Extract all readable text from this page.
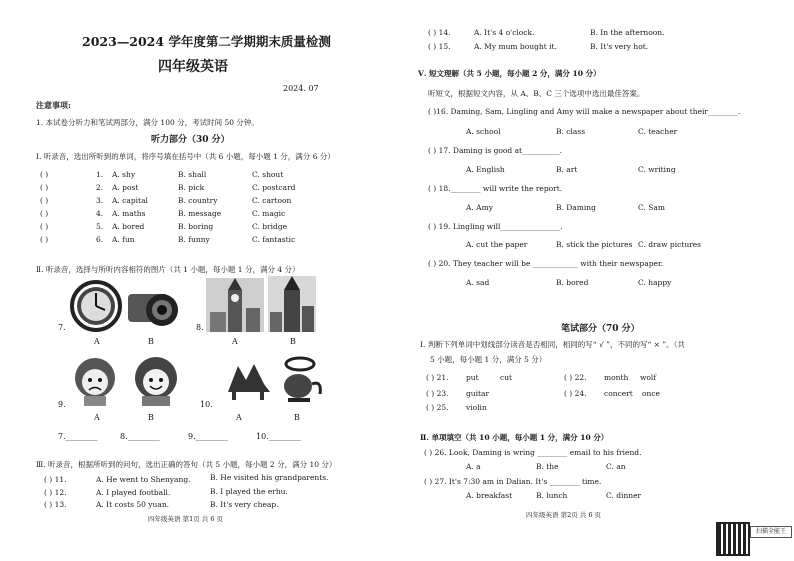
2023—2024 学年度第二学期期末质量检测
四年级英语
2024. 07
注意事项:
1. 本试卷分听力和笔试两部分，满分 100 分，考试时间 50 分钟。
听力部分（30 分）
Ⅰ. 听录音，选出所听到的单词，将序号填在括号中（共 6 小题，每小题 1 分，满分 6 分）
( )	1. A. shy	B. shall	C. shout
( )	2. A. post	B. pick	C. postcard
( )	3. A. capital	B. country	C. cartoon
( )	4. A. maths	B. message	C. magic
( )	5. A. bored	B. boring	C. bridge
( )	6. A. fun	B. funny	C. fantastic
Ⅱ. 听录音，选择与所听内容相符的图片（共 1 小题，每小题 1 分，满分 4 分）
7.
A	B
8.
A	B
9.
A	B
10.
A	B
7.________	8.________	9.________	10.________
Ⅲ. 听录音，根据所听到的问句，选出正确的答句（共 5 小题，每小题 2 分，满分 10 分）
( ) 11.	A. He went to Shenyang.	B. He visited his grandparents.
( ) 12.	A. I played football.	B. I played the erhu.
( ) 13.	A. It costs 50 yuan.	B. It's very cheap.
四年级英语 第1页 共 6 页
( ) 14.	A. It's 4 o'clock.	B. In the afternoon.
( ) 15.	A. My mum bought it.	B. It's very hot.
Ⅴ. 短文理解（共 5 小题，每小题 2 分，满分 10 分）
听短文，根据短文内容，从 A、B、C 三个选项中选出最佳答案。
( )16. Daming, Sam, Lingling and Amy will make a newspaper about their________.
A. school	B. class	C. teacher
( ) 17. Daming is good at__________.
A. English	B. art	C. writing
( ) 18.________ will write the report.
A. Amy	B. Daming	C. Sam
( ) 19. Lingling will________________.
A. cut the paper	B. stick the pictures C. draw pictures
( ) 20. They teacher will be ____________ with their newspaper.
A. sad	B. bored	C. happy
笔试部分（70 分）
Ⅰ. 判断下列单词中划线部分读音是否相同，相同的写“ √ ”，不同的写“ × ”。（共
5 小题，每小题 1 分，满分 5 分）
( ) 21. put	cut	( ) 22. month wolf
( ) 23. guitar	( ) 24. concert once
( ) 25. violin
Ⅱ. 单项填空（共 10 小题，每小题 1 分，满分 10 分）
( ) 26. Look, Daming is wring ________ email to his friend.
A. a	B. the	C. an
( ) 27. It's 7:30 am in Dalian. It's ________ time.
A. breakfast	B. lunch	C. dinner
四年级英语 第2页 共 6 页
扫描全能王
